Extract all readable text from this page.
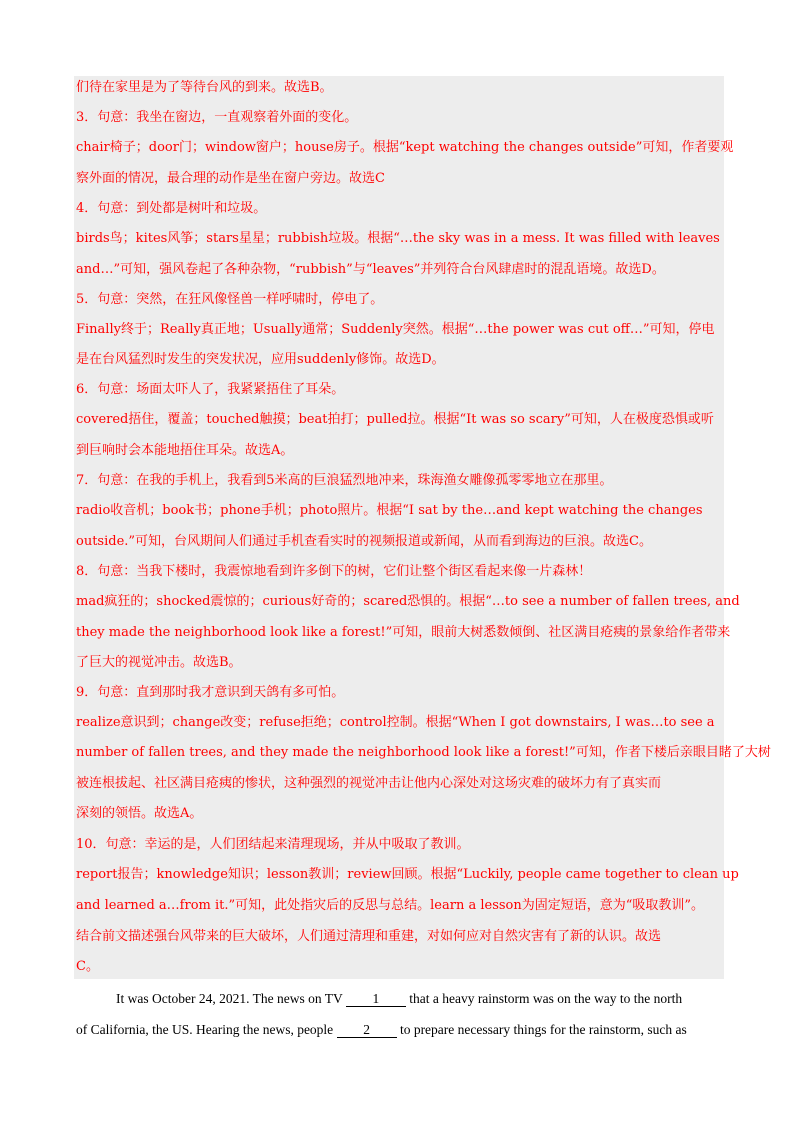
们待在家里是为了等待台风的到来。故选B。
3．句意：我坐在窗边，一直观察着外面的变化。
chair椅子；door门；window窗户；house房子。根据“kept watching the changes outside”可知，作者要观
察外面的情况，最合理的动作是坐在窗户旁边。故选C
4．句意：到处都是树叶和垃圾。
birds鸟；kites风筝；stars星星；rubbish垃圾。根据“…the sky was in a mess. It was filled with leaves
and…”可知，强风卷起了各种杂物，“rubbish”与“leaves”并列符合台风肆虐时的混乱语境。故选D。
5．句意：突然，在狂风像怪兽一样呼啸时，停电了。
Finally终于；Really真正地；Usually通常；Suddenly突然。根据“…the power was cut off…”可知，停电
是在台风猛烈时发生的突发状况，应用suddenly修饰。故选D。
6．句意：场面太吓人了，我紧紧捂住了耳朵。
covered捂住，覆盖；touched触摸；beat拍打；pulled拉。根据“It was so scary”可知，人在极度恐惧或听
到巨响时会本能地捂住耳朵。故选A。
7．句意：在我的手机上，我看到5米高的巨浪猛烈地冲来，珠海渔女雕像孤零零地立在那里。
radio收音机；book书；phone手机；photo照片。根据“I sat by the…and kept watching the changes
outside.”可知，台风期间人们通过手机查看实时的视频报道或新闻，从而看到海边的巨浪。故选C。
8．句意：当我下楼时，我震惊地看到许多倒下的树，它们让整个街区看起来像一片森林！
mad疯狂的；shocked震惊的；curious好奇的；scared恐惧的。根据“…to see a number of fallen trees, and
they made the neighborhood look like a forest!”可知，眼前大树悉数倾倒、社区满目疮痍的景象给作者带来
了巨大的视觉冲击。故选B。
9．句意：直到那时我才意识到天鸽有多可怕。
realize意识到；change改变；refuse拒绝；control控制。根据“When I got downstairs, I was…to see a
number of fallen trees, and they made the neighborhood look like a forest!”可知，作者下楼后亲眼目睹了大树
被连根拔起、社区满目疮痍的惨状，这种强烈的视觉冲击让他内心深处对这场灾难的破坏力有了真实而
深刻的领悟。故选A。
10．句意：幸运的是，人们团结起来清理现场，并从中吸取了教训。
report报告；knowledge知识；lesson教训；review回顾。根据“Luckily, people came together to clean up
and learned a…from it.”可知，此处指灾后的反思与总结。learn a lesson为固定短语，意为“吸取教训”。
结合前文描述强台风带来的巨大破坏，人们通过清理和重建，对如何应对自然灾害有了新的认识。故选
C。
It was October 24, 2021. The news on TV 1 that a heavy rainstorm was on the way to the north
of California, the US. Hearing the news, people 2 to prepare necessary things for the rainstorm, such as
